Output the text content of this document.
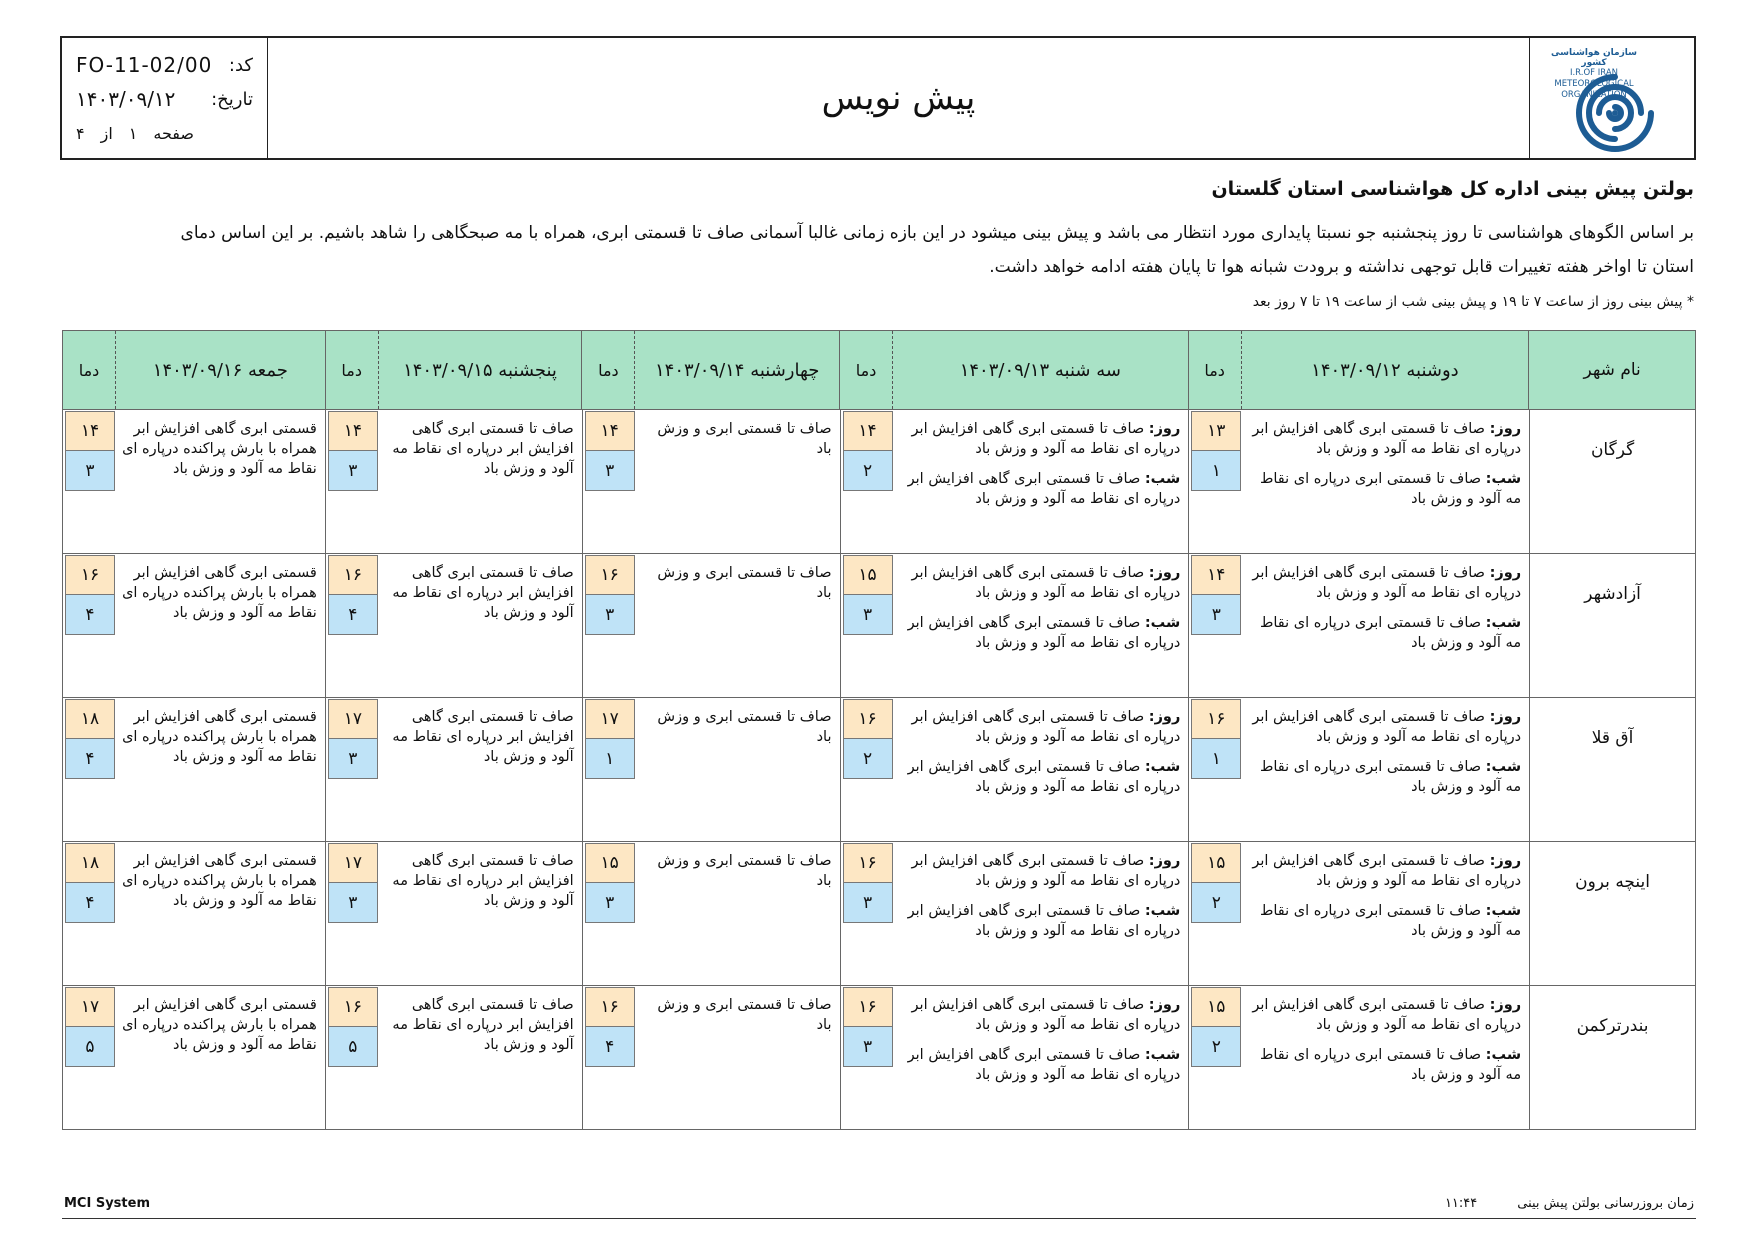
FO-11-02/00 کد:
۱۴۰۳/۰۹/۱۲ تاریخ:
صفحه
۱
از
۴
پیش نویس
سازمان هواشناسی کشور
I.R.OF IRAN
METEOROLOGICAL
ORGANIZATION
بولتن پیش بینی اداره کل هواشناسی استان گلستان
بر اساس الگوهای هواشناسی تا روز پنجشنبه جو نسبتا پایداری مورد انتظار می باشد و پیش بینی میشود در این بازه زمانی غالبا آسمانی صاف تا قسمتی ابری، همراه با مه صبحگاهی را شاهد باشیم. بر این اساس دمای استان تا اواخر هفته تغییرات قابل توجهی نداشته و برودت شبانه هوا تا پایان هفته ادامه خواهد داشت.
* پیش بینی روز از ساعت ۷ تا ۱۹ و پیش بینی شب از ساعت ۱۹ تا ۷ روز بعد
نام شهر
دوشنبه ۱۴۰۳/۰۹/۱۲
دما
سه شنبه ۱۴۰۳/۰۹/۱۳
دما
چهارشنبه ۱۴۰۳/۰۹/۱۴
دما
پنجشنبه ۱۴۰۳/۰۹/۱۵
دما
جمعه ۱۴۰۳/۰۹/۱۶
دما
گرگان
روز: صاف تا قسمتی ابری گاهی افزایش ابر درپاره ای نقاط مه آلود و وزش باد
شب: صاف تا قسمتی ابری درپاره ای نقاط مه آلود و وزش باد
۱۳
۱
روز: صاف تا قسمتی ابری گاهی افزایش ابر درپاره ای نقاط مه آلود و وزش باد
شب: صاف تا قسمتی ابری گاهی افزایش ابر درپاره ای نقاط مه آلود و وزش باد
۱۴
۲
صاف تا قسمتی ابری و وزش باد
۱۴
۳
صاف تا قسمتی ابری گاهی افزایش ابر درپاره ای نقاط مه آلود و وزش باد
۱۴
۳
قسمتی ابری گاهی افزایش ابر همراه با بارش پراکنده درپاره ای نقاط مه آلود و وزش باد
۱۴
۳
آزادشهر
روز: صاف تا قسمتی ابری گاهی افزایش ابر درپاره ای نقاط مه آلود و وزش باد
شب: صاف تا قسمتی ابری درپاره ای نقاط مه آلود و وزش باد
۱۴
۳
روز: صاف تا قسمتی ابری گاهی افزایش ابر درپاره ای نقاط مه آلود و وزش باد
شب: صاف تا قسمتی ابری گاهی افزایش ابر درپاره ای نقاط مه آلود و وزش باد
۱۵
۳
صاف تا قسمتی ابری و وزش باد
۱۶
۳
صاف تا قسمتی ابری گاهی افزایش ابر درپاره ای نقاط مه آلود و وزش باد
۱۶
۴
قسمتی ابری گاهی افزایش ابر همراه با بارش پراکنده درپاره ای نقاط مه آلود و وزش باد
۱۶
۴
آق قلا
روز: صاف تا قسمتی ابری گاهی افزایش ابر درپاره ای نقاط مه آلود و وزش باد
شب: صاف تا قسمتی ابری درپاره ای نقاط مه آلود و وزش باد
۱۶
۱
روز: صاف تا قسمتی ابری گاهی افزایش ابر درپاره ای نقاط مه آلود و وزش باد
شب: صاف تا قسمتی ابری گاهی افزایش ابر درپاره ای نقاط مه آلود و وزش باد
۱۶
۲
صاف تا قسمتی ابری و وزش باد
۱۷
۱
صاف تا قسمتی ابری گاهی افزایش ابر درپاره ای نقاط مه آلود و وزش باد
۱۷
۳
قسمتی ابری گاهی افزایش ابر همراه با بارش پراکنده درپاره ای نقاط مه آلود و وزش باد
۱۸
۴
اینچه برون
روز: صاف تا قسمتی ابری گاهی افزایش ابر درپاره ای نقاط مه آلود و وزش باد
شب: صاف تا قسمتی ابری درپاره ای نقاط مه آلود و وزش باد
۱۵
۲
روز: صاف تا قسمتی ابری گاهی افزایش ابر درپاره ای نقاط مه آلود و وزش باد
شب: صاف تا قسمتی ابری گاهی افزایش ابر درپاره ای نقاط مه آلود و وزش باد
۱۶
۳
صاف تا قسمتی ابری و وزش باد
۱۵
۳
صاف تا قسمتی ابری گاهی افزایش ابر درپاره ای نقاط مه آلود و وزش باد
۱۷
۳
قسمتی ابری گاهی افزایش ابر همراه با بارش پراکنده درپاره ای نقاط مه آلود و وزش باد
۱۸
۴
بندرترکمن
روز: صاف تا قسمتی ابری گاهی افزایش ابر درپاره ای نقاط مه آلود و وزش باد
شب: صاف تا قسمتی ابری درپاره ای نقاط مه آلود و وزش باد
۱۵
۲
روز: صاف تا قسمتی ابری گاهی افزایش ابر درپاره ای نقاط مه آلود و وزش باد
شب: صاف تا قسمتی ابری گاهی افزایش ابر درپاره ای نقاط مه آلود و وزش باد
۱۶
۳
صاف تا قسمتی ابری و وزش باد
۱۶
۴
صاف تا قسمتی ابری گاهی افزایش ابر درپاره ای نقاط مه آلود و وزش باد
۱۶
۵
قسمتی ابری گاهی افزایش ابر همراه با بارش پراکنده درپاره ای نقاط مه آلود و وزش باد
۱۷
۵
MCI System	زمان بروزرسانی بولتن پیش بینی
۱۱:۴۴
